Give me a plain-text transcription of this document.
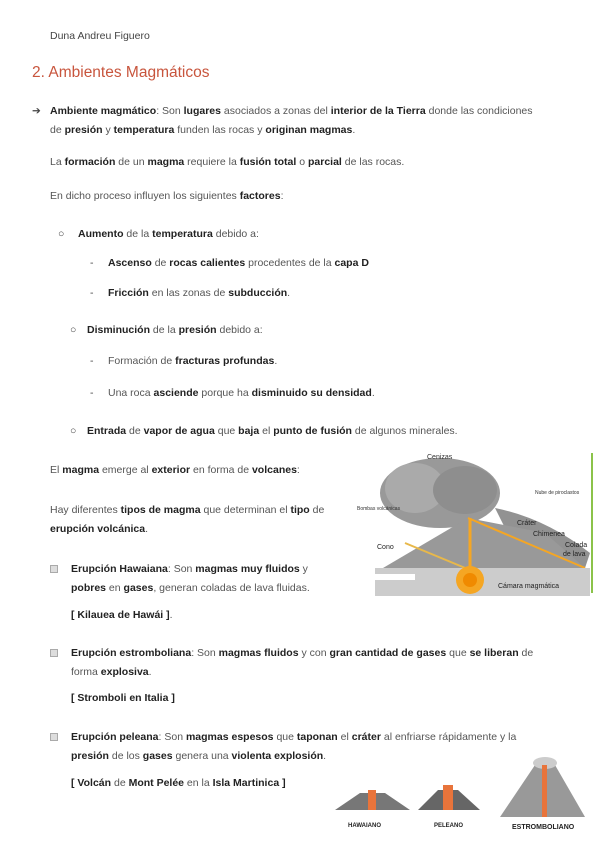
Duna Andreu Figuero
2. Ambientes Magmáticos
➔ Ambiente magmático: Son lugares asociados a zonas del interior de la Tierra donde las condiciones
de presión y temperatura funden las rocas y originan magmas.
La formación de un magma requiere la fusión total o parcial de las rocas.
En dicho proceso influyen los siguientes factores:
○ Aumento de la temperatura debido a:
- Ascenso de rocas calientes procedentes de la capa D
- Fricción en las zonas de subducción.
○ Disminución de la presión debido a:
- Formación de fracturas profundas.
- Una roca asciende porque ha disminuido su densidad.
○ Entrada de vapor de agua que baja el punto de fusión de algunos minerales.
El magma emerge al exterior en forma de volcanes:
Hay diferentes tipos de magma que determinan el tipo de
erupción volcánica.
Erupción Hawaiana: Son magmas muy fluidos y
pobres en gases, generan coladas de lava fluidas.
[ Kilauea de Hawái ].
Erupción estromboliana: Son magmas fluidos y con gran cantidad de gases que se liberan de
forma explosiva.
[ Stromboli en Italia ]
Erupción peleana: Son magmas espesos que taponan el cráter al enfriarse rápidamente y la
presión de los gases genera una violenta explosión.
[ Volcán de Mont Pelée en la Isla Martinica ]
Cenizas
Bombas volcánicas
Nube de piroclastos
Cráter
Chimenea
Colada
de lava
Cono
Cámara magmática
HAWAIANO	PELEANO	ESTROMBOLIANO
